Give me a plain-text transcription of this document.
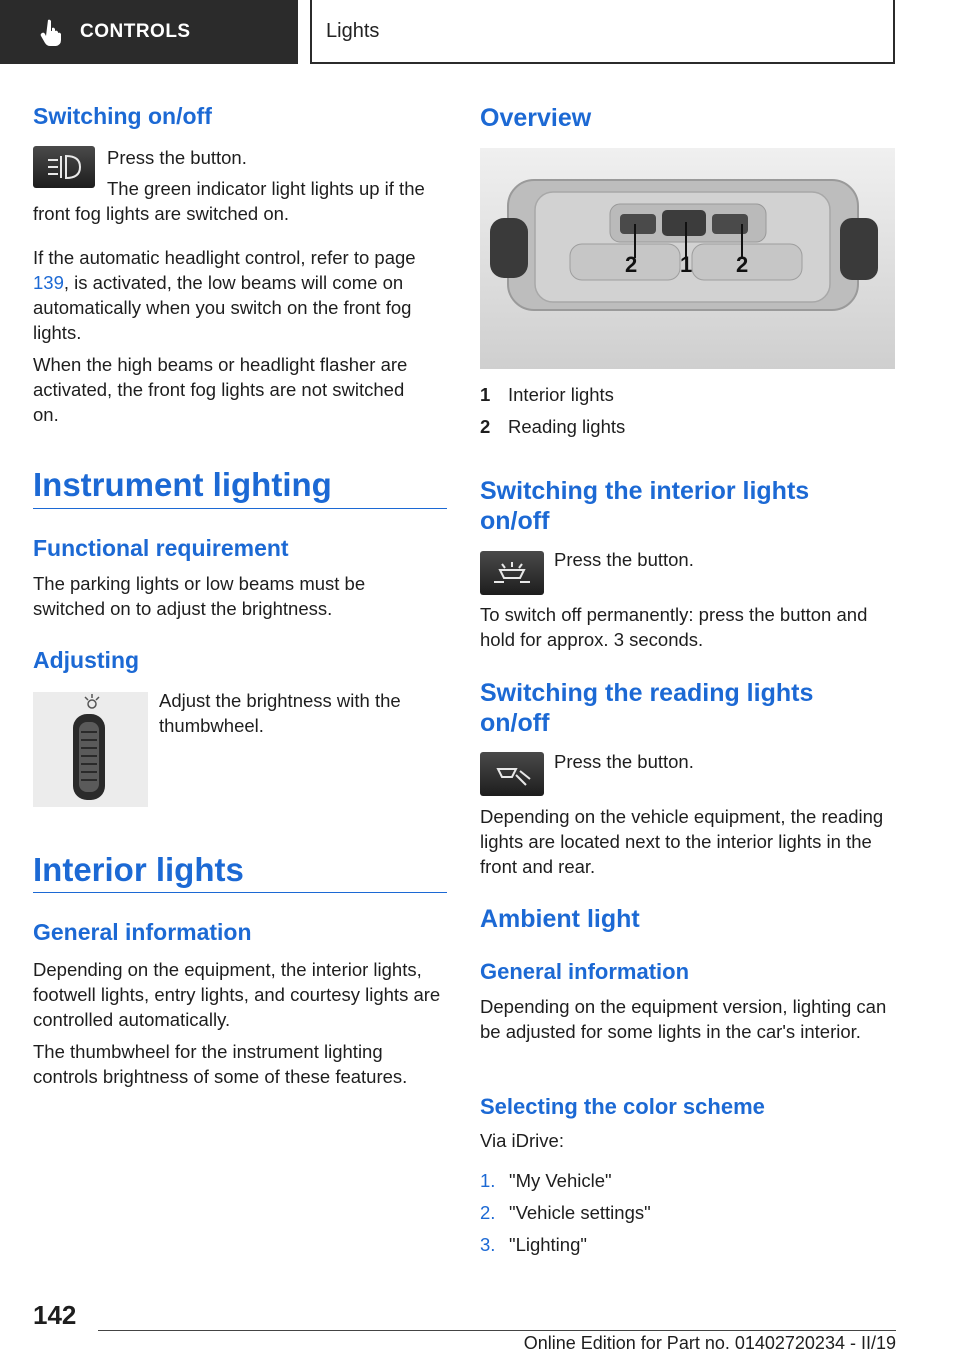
CONTROLS	Lights
Switching on/off

Press the button.

The green indicator light lights up if the front fog lights are switched on.

If the automatic headlight control, refer to page 139, is activated, the low beams will come on automatically when you switch on the front fog lights.

When the high beams or headlight flasher are activated, the front fog lights are not switched on.

Instrument lighting
Functional requirement

The parking lights or low beams must be switched on to adjust the brightness.

Adjusting

Adjust the brightness with the thumbwheel.

Interior lights
General information

Depending on the equipment, the interior lights, footwell lights, entry lights, and courtesy lights are controlled automatically.

The thumbwheel for the instrument lighting controls brightness of some of these features.

Overview
2 1 2
1 Interior lights
2 Reading lights
Switching the interior lights on/off

Press the button.

To switch off permanently: press the button and hold for approx. 3 seconds.

Switching the reading lights on/off

Press the button.

Depending on the vehicle equipment, the reading lights are located next to the interior lights in the front and rear.

Ambient light
General information

Depending on the equipment version, lighting can be adjusted for some lights in the car's interior.

Selecting the color scheme

Via iDrive:

1. "My Vehicle"
2. "Vehicle settings"
3. "Lighting"
142
Online Edition for Part no. 01402720234 - II/19
